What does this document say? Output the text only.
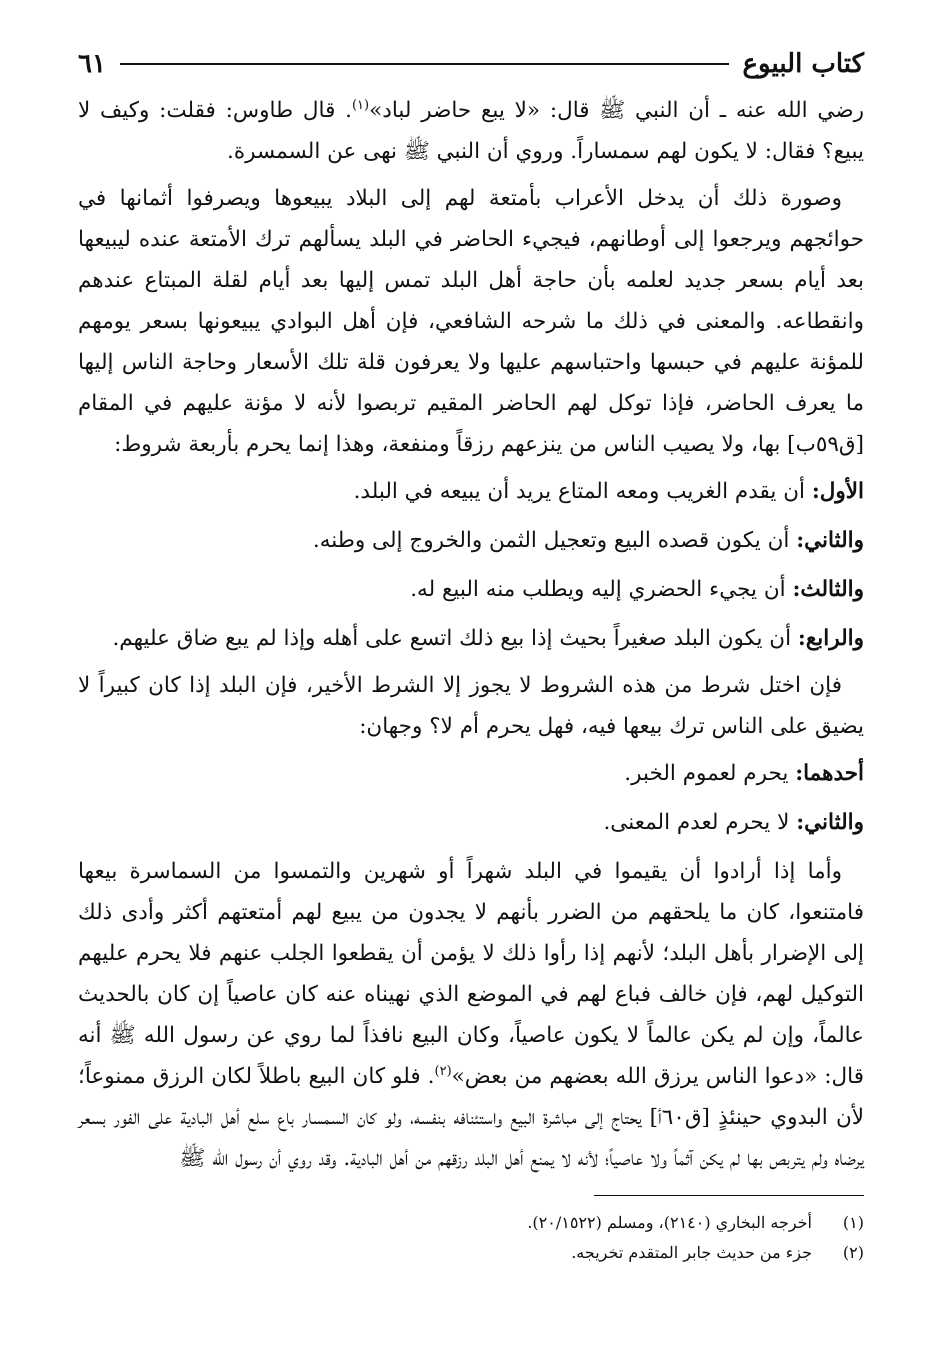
كتاب البيوع
٦١

رضي الله عنه ـ أن النبي ﷺ قال: «لا يبع حاضر لباد»$^{(١)}$. قال طاوس: فقلت: وكيف لا يبيع؟ فقال: لا يكون لهم سمساراً. وروي أن النبي ﷺ نهى عن السمسرة.

وصورة ذلك أن يدخل الأعراب بأمتعة لهم إلى البلاد يبيعوها ويصرفوا أثمانها في حوائجهم ويرجعوا إلى أوطانهم، فيجيء الحاضر في البلد يسألهم ترك الأمتعة عنده ليبيعها بعد أيام بسعر جديد لعلمه بأن حاجة أهل البلد تمس إليها بعد أيام لقلة المبتاع عندهم وانقطاعه. والمعنى في ذلك ما شرحه الشافعي، فإن أهل البوادي يبيعونها بسعر يومهم للمؤنة عليهم في حبسها واحتباسهم عليها ولا يعرفون قلة تلك الأسعار وحاجة الناس إليها ما يعرف الحاضر، فإذا توكل لهم الحاضر المقيم تربصوا لأنه لا مؤنة عليهم في المقام [ق٥٩ب] بها، ولا يصيب الناس من ينزعهم رزقاً ومنفعة، وهذا إنما يحرم بأربعة شروط:

الأول: أن يقدم الغريب ومعه المتاع يريد أن يبيعه في البلد.

والثاني: أن يكون قصده البيع وتعجيل الثمن والخروج إلى وطنه.

والثالث: أن يجيء الحضري إليه ويطلب منه البيع له.

والرابع: أن يكون البلد صغيراً بحيث إذا بيع ذلك اتسع على أهله وإذا لم يبع ضاق عليهم.

فإن اختل شرط من هذه الشروط لا يجوز إلا الشرط الأخير، فإن البلد إذا كان كبيراً لا يضيق على الناس ترك بيعها فيه، فهل يحرم أم لا؟ وجهان:

أحدهما: يحرم لعموم الخبر.

والثاني: لا يحرم لعدم المعنى.

وأما إذا أرادوا أن يقيموا في البلد شهراً أو شهرين والتمسوا من السماسرة بيعها فامتنعوا، كان ما يلحقهم من الضرر بأنهم لا يجدون من يبيع لهم أمتعتهم أكثر وأدى ذلك إلى الإضرار بأهل البلد؛ لأنهم إذا رأوا ذلك لا يؤمن أن يقطعوا الجلب عنهم فلا يحرم عليهم التوكيل لهم، فإن خالف فباع لهم في الموضع الذي نهيناه عنه كان عاصياً إن كان بالحديث عالماً، وإن لم يكن عالماً لا يكون عاصياً، وكان البيع نافذاً لما روي عن رسول الله ﷺ أنه قال: «دعوا الناس يرزق الله بعضهم من بعض»$^{(٢)}$. فلو كان البيع باطلاً لكان الرزق ممنوعاً؛ لأن البدوي حينئذٍ [ق٦٠أ] يحتاج إلى مباشرة البيع واستئنافه بنفسه، ولو كان السمسار باع سلع أهل البادية على الفور بسعر يرضاه ولم يتربص بها لم يكن آثماً ولا عاصياً؛ لأنه لا يمنع أهل البلد رزقهم من أهل البادية. وقد روي أن رسول الله ﷺ

(١)
أخرجه البخاري (٢١٤٠)، ومسلم (٢٠/١٥٢٢).
(٢)
جزء من حديث جابر المتقدم تخريجه.
